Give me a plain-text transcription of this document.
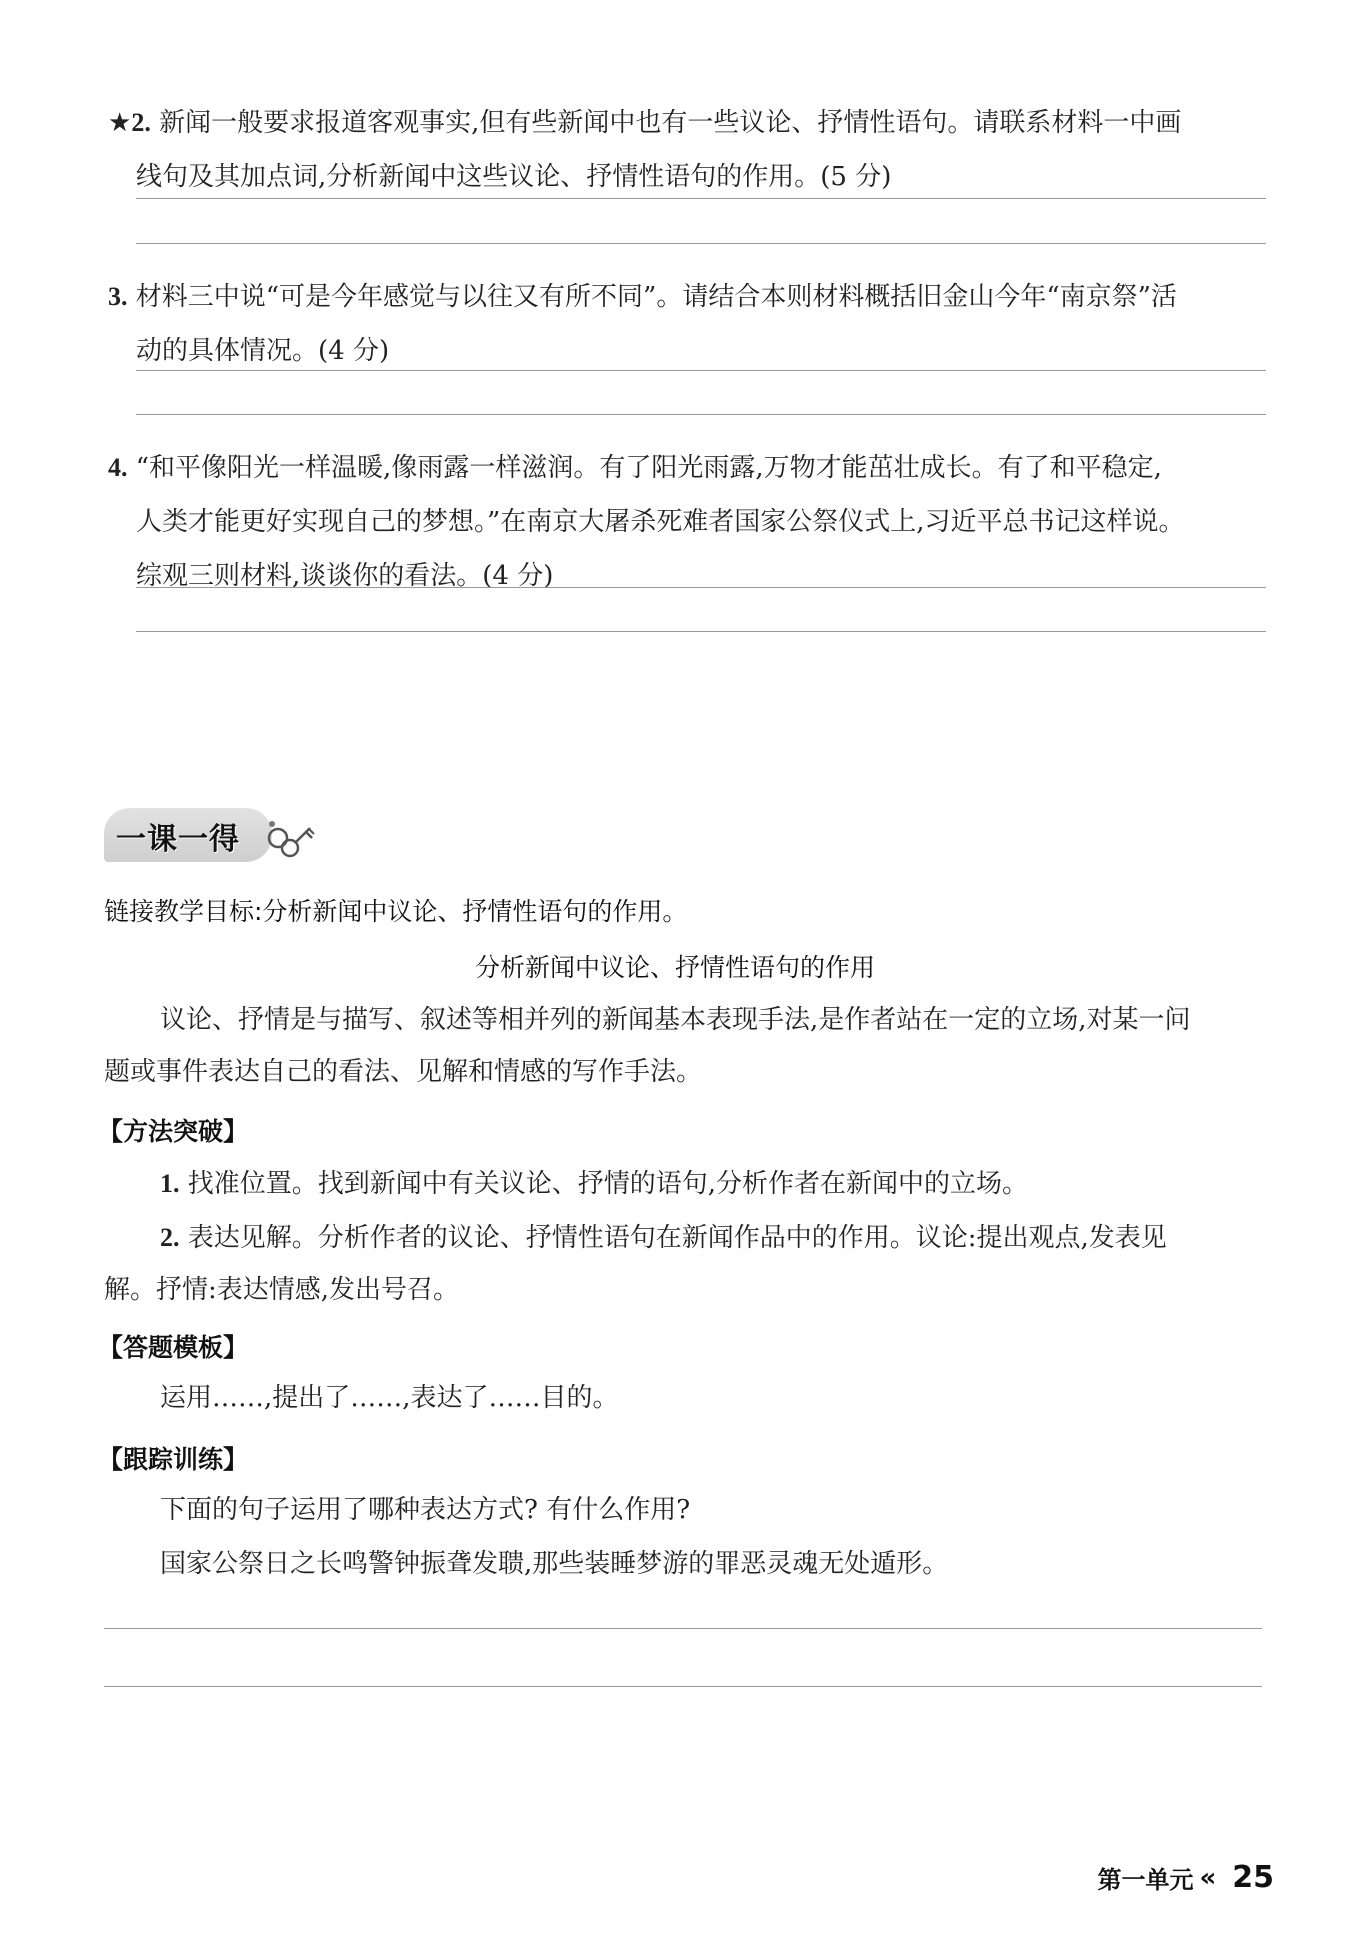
★2. 新闻一般要求报道客观事实,但有些新闻中也有一些议论、抒情性语句。请联系材料一中画
线句及其加点词,分析新闻中这些议论、抒情性语句的作用。(5 分)
3. 材料三中说“可是今年感觉与以往又有所不同”。请结合本则材料概括旧金山今年“南京祭”活
动的具体情况。(4 分)
4. “和平像阳光一样温暖,像雨露一样滋润。有了阳光雨露,万物才能茁壮成长。有了和平稳定,
人类才能更好实现自己的梦想。”在南京大屠杀死难者国家公祭仪式上,习近平总书记这样说。
综观三则材料,谈谈你的看法。(4 分)
一课一得
链接教学目标:分析新闻中议论、抒情性语句的作用。
分析新闻中议论、抒情性语句的作用
议论、抒情是与描写、叙述等相并列的新闻基本表现手法,是作者站在一定的立场,对某一问
题或事件表达自己的看法、见解和情感的写作手法。
【方法突破】
1. 找准位置。找到新闻中有关议论、抒情的语句,分析作者在新闻中的立场。
2. 表达见解。分析作者的议论、抒情性语句在新闻作品中的作用。议论:提出观点,发表见
解。抒情:表达情感,发出号召。
【答题模板】
运用……,提出了……,表达了……目的。
【跟踪训练】
下面的句子运用了哪种表达方式? 有什么作用?
国家公祭日之长鸣警钟振聋发聩,那些装睡梦游的罪恶灵魂无处遁形。
第一单元 « 25
